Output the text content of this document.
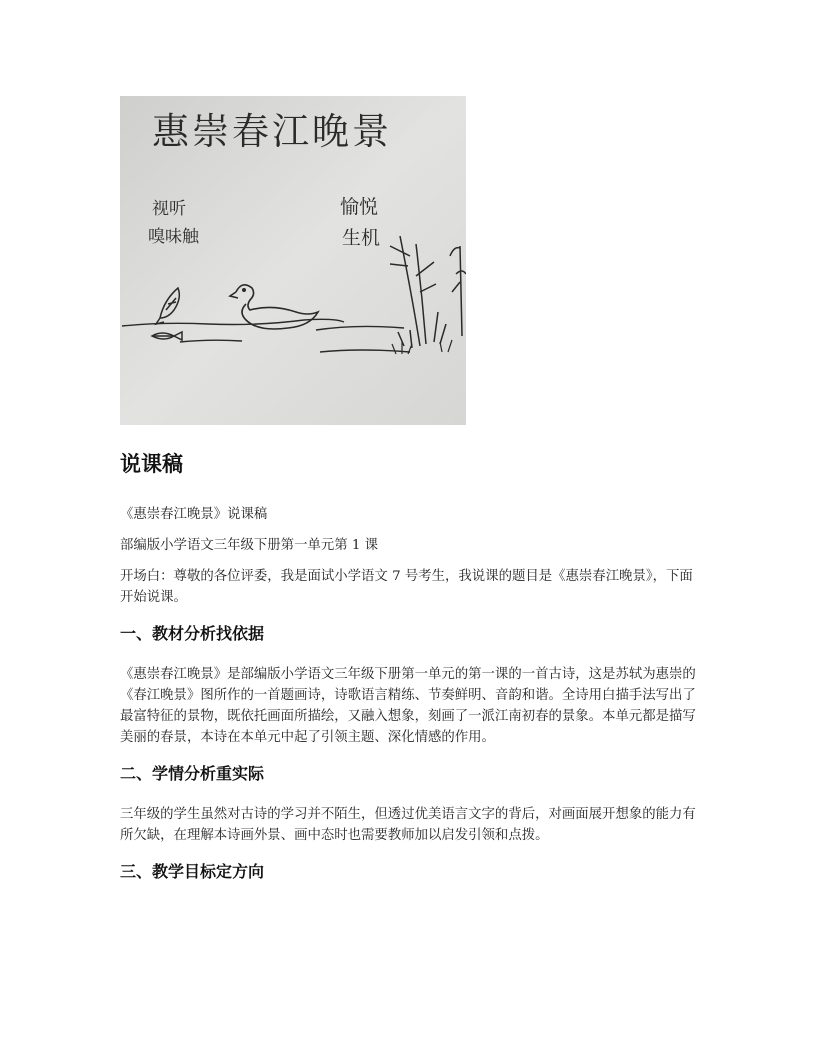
惠崇春江晚景
视听
嗅味触
愉悦
生机
说课稿

《惠崇春江晚景》说课稿

部编版小学语文三年级下册第一单元第 1 课

开场白：尊敬的各位评委，我是面试小学语文 7 号考生，我说课的题目是《惠崇春江晚景》，下面开始说课。

一、教材分析找依据

《惠崇春江晚景》是部编版小学语文三年级下册第一单元的第一课的一首古诗，这是苏轼为惠崇的《春江晚景》图所作的一首题画诗，诗歌语言精练、节奏鲜明、音韵和谐。全诗用白描手法写出了最富特征的景物，既依托画面所描绘，又融入想象，刻画了一派江南初春的景象。本单元都是描写美丽的春景，本诗在本单元中起了引领主题、深化情感的作用。

二、学情分析重实际

三年级的学生虽然对古诗的学习并不陌生，但透过优美语言文字的背后，对画面展开想象的能力有所欠缺，在理解本诗画外景、画中态时也需要教师加以启发引领和点拨。

三、教学目标定方向
